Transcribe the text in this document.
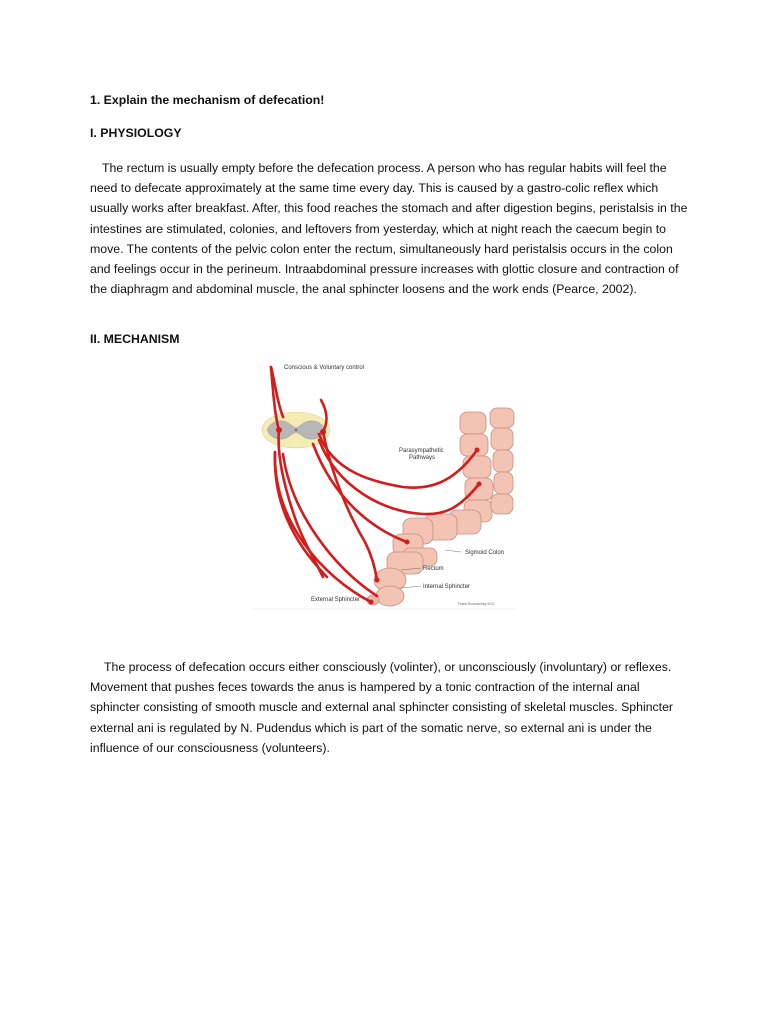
1. Explain the mechanism of defecation!
I. PHYSIOLOGY
The rectum is usually empty before the defecation process. A person who has regular habits will feel the need to defecate approximately at the same time every day. This is caused by a gastro-colic reflex which usually works after breakfast. After, this food reaches the stomach and after digestion begins, peristalsis in the intestines are stimulated, colonies, and leftovers from yesterday, which at night reach the caecum begin to move. The contents of the pelvic colon enter the rectum, simultaneously hard peristalsis occurs in the colon and feelings occur in the perineum. Intraabdominal pressure increases with glottic closure and contraction of the diaphragm and abdominal muscle, the anal sphincter loosens and the work ends (Pearce, 2002).
II. MECHANISM
Conscious & Voluntary control
Parasympathetic
Pathways
Sigmoid Colon
Rectum
Internal Sphincter
External Sphincter
Frank Boumphrey M.D.
The process of defecation occurs either consciously (volinter), or unconsciously (involuntary) or reflexes. Movement that pushes feces towards the anus is hampered by a tonic contraction of the internal anal sphincter consisting of smooth muscle and external anal sphincter consisting of skeletal muscles. Sphincter external ani is regulated by N. Pudendus which is part of the somatic nerve, so external ani is under the influence of our consciousness (volunteers).
